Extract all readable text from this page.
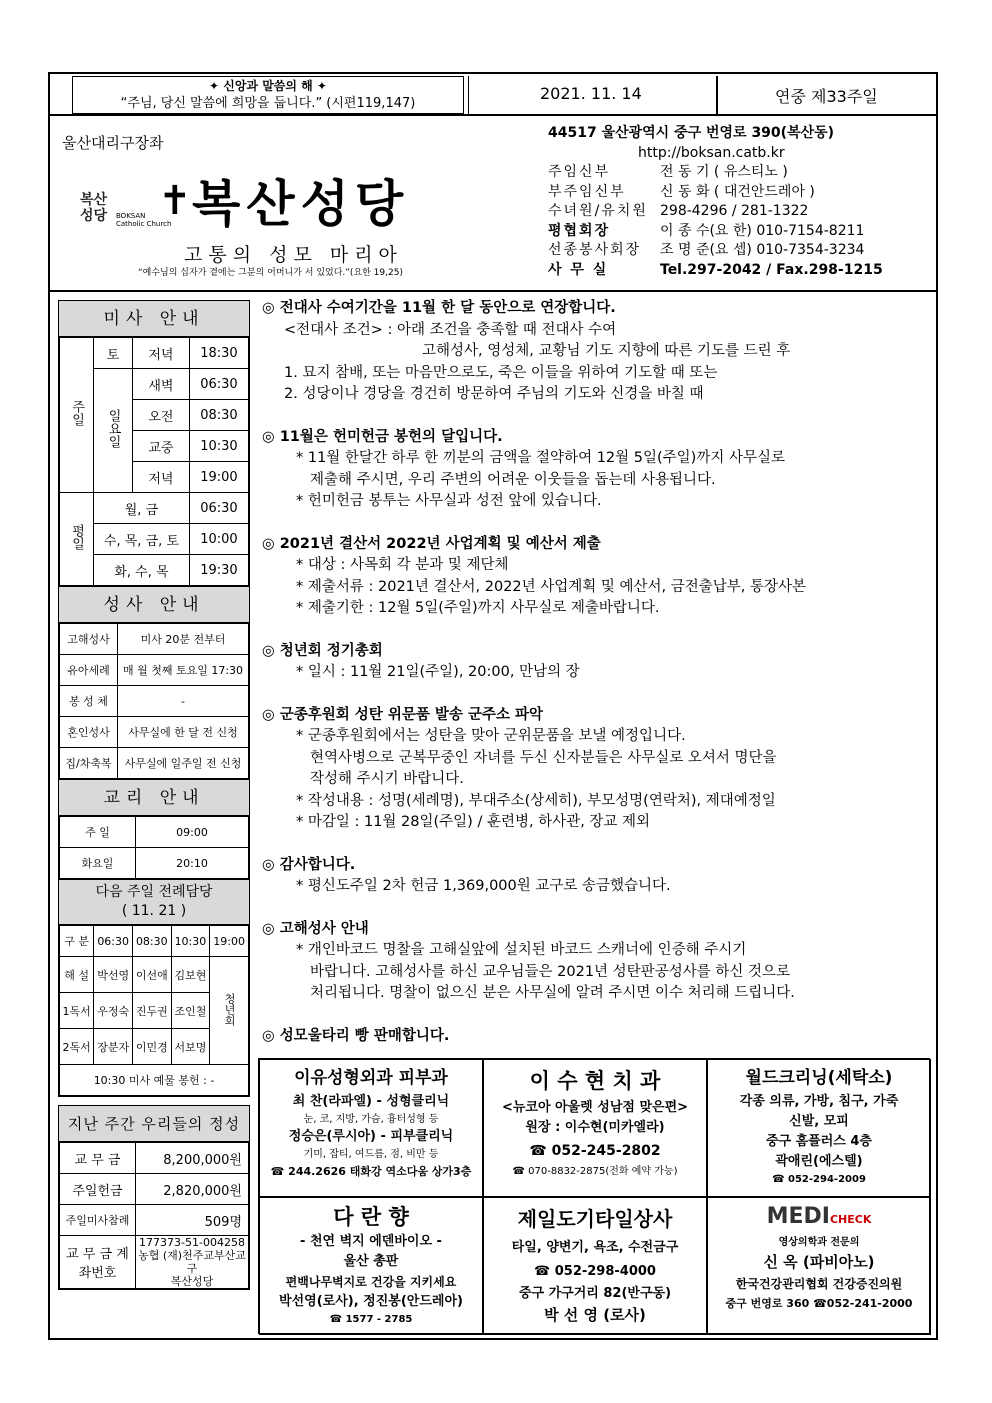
✦ 신앙과 말씀의 해 ✦
“주님, 당신 말씀에 희망을 둡니다.” (시편119,147)
2021. 11. 14	연중 제33주일
울산대리구장좌
복산
성당 BOKSAN
Catholic Church
✝ 복산성당
고통의 성모 마리아
“예수님의 십자가 곁에는 그분의 어머니가 서 있었다.”(요한 19,25)
44517 울산광역시 중구 번영로 390(복산동)
http://boksan.catb.kr
주임신부	전 동 기 ( 유스티노 )
부주임신부	신 동 화 ( 대건안드레아 )
수녀원/유치원 298-4296 / 281-1322
평협회장	이 종 수(요 한) 010-7154-8211
선종봉사회장	조 명 준(요 셉) 010-7354-3234
사 무 실	Tel.297-2042 / Fax.298-1215
미사 안내
주일	토	저녁	18:30
	일요일	새벽	06:30
		오전	08:30
		교중	10:30
		저녁	19:00
평일	월, 금		06:30
	수, 목, 금, 토		10:00
	화, 수, 목		19:30
성사 안내
고해성사	미사 20분 전부터
유아세례	매 월 첫째 토요일 17:30
봉 성 체	-
혼인성사	사무실에 한 달 전 신청
집/차축복	사무실에 일주일 전 신청
교리 안내
주 일	09:00
화요일	20:10
다음 주일 전례담당
( 11. 21 )
구 분	06:30	08:30	10:30	19:00
해 설	박선영	이선애	김보현	청년회
1독서	우정숙	진두권	조인철	
2독서	장분자	이민경	서보명	
10:30 미사 예물 봉헌 : -				
지난 주간 우리들의 정성
교 무 금	8,200,000원
주일헌금	2,820,000원
주일미사참례	509명
교 무 금 계좌번호	177373-51-004258
농협 (재)천주교부산교구
복산성당
◎ 전대사 수여기간을 11월 한 달 동안으로 연장합니다.
<전대사 조건> : 아래 조건을 충족할 때 전대사 수여
고해성사, 영성체, 교황님 기도 지향에 따른 기도를 드린 후
1. 묘지 참배, 또는 마음만으로도, 죽은 이들을 위하여 기도할 때 또는
2. 성당이나 경당을 경건히 방문하여 주님의 기도와 신경을 바칠 때
◎ 11월은 헌미헌금 봉헌의 달입니다.
* 11월 한달간 하루 한 끼분의 금액을 절약하여 12월 5일(주일)까지 사무실로
제출해 주시면, 우리 주변의 어려운 이웃들을 돕는데 사용됩니다.
* 헌미헌금 봉투는 사무실과 성전 앞에 있습니다.
◎ 2021년 결산서 2022년 사업계획 및 예산서 제출
* 대상 : 사목회 각 분과 및 제단체
* 제출서류 : 2021년 결산서, 2022년 사업계획 및 예산서, 금전출납부, 통장사본
* 제출기한 : 12월 5일(주일)까지 사무실로 제출바랍니다.
◎ 청년회 정기총회
* 일시 : 11월 21일(주일), 20:00, 만남의 장
◎ 군종후원회 성탄 위문품 발송 군주소 파악
* 군종후원회에서는 성탄을 맞아 군위문품을 보낼 예정입니다.
현역사병으로 군복무중인 자녀를 두신 신자분들은 사무실로 오셔서 명단을
작성해 주시기 바랍니다.
* 작성내용 : 성명(세례명), 부대주소(상세히), 부모성명(연락처), 제대예정일
* 마감일 : 11월 28일(주일) / 훈련병, 하사관, 장교 제외
◎ 감사합니다.
* 평신도주일 2차 헌금 1,369,000원 교구로 송금했습니다.
◎ 고해성사 안내
* 개인바코드 명찰을 고해실앞에 설치된 바코드 스캐너에 인증해 주시기
바랍니다. 고해성사를 하신 교우님들은 2021년 성탄판공성사를 하신 것으로
처리됩니다. 명찰이 없으신 분은 사무실에 알려 주시면 이수 처리해 드립니다.
◎ 성모울타리 빵 판매합니다.
이유성형외과 피부과
최 찬(라파엘) - 성형클리닉
눈, 코, 지방, 가슴, 흉터성형 등
정승은(루시아) - 피부클리닉
기미, 잡티, 여드름, 점, 비만 등
☎ 244.2626 태화강 역소다움 상가3층
이 수 현 치 과
<뉴코아 아울렛 성남점 맞은편>
원장 : 이수현(미카엘라)
☎ 052-245-2802
☎ 070-8832-2875(전화 예약 가능)
월드크리닝(세탁소)
각종 의류, 가방, 침구, 가죽
신발, 모피
중구 홈플러스 4층
곽애린(에스텔)
☎ 052-294-2009
다 란 향
- 천연 벽지 에덴바이오 -
울산 총판
편백나무벽지로 건강을 지키세요
박선영(로사), 정진봉(안드레아)
☎ 1577 - 2785
제일도기타일상사
타일, 양변기, 욕조, 수전금구
☎ 052-298-4000
중구 가구거리 82(반구동)
박 선 영 (로사)
MEDICHECK
영상의학과 전문의
신 옥 (파비아노)
한국건강관리협회 건강증진의원
중구 번영로 360 ☎052-241-2000
